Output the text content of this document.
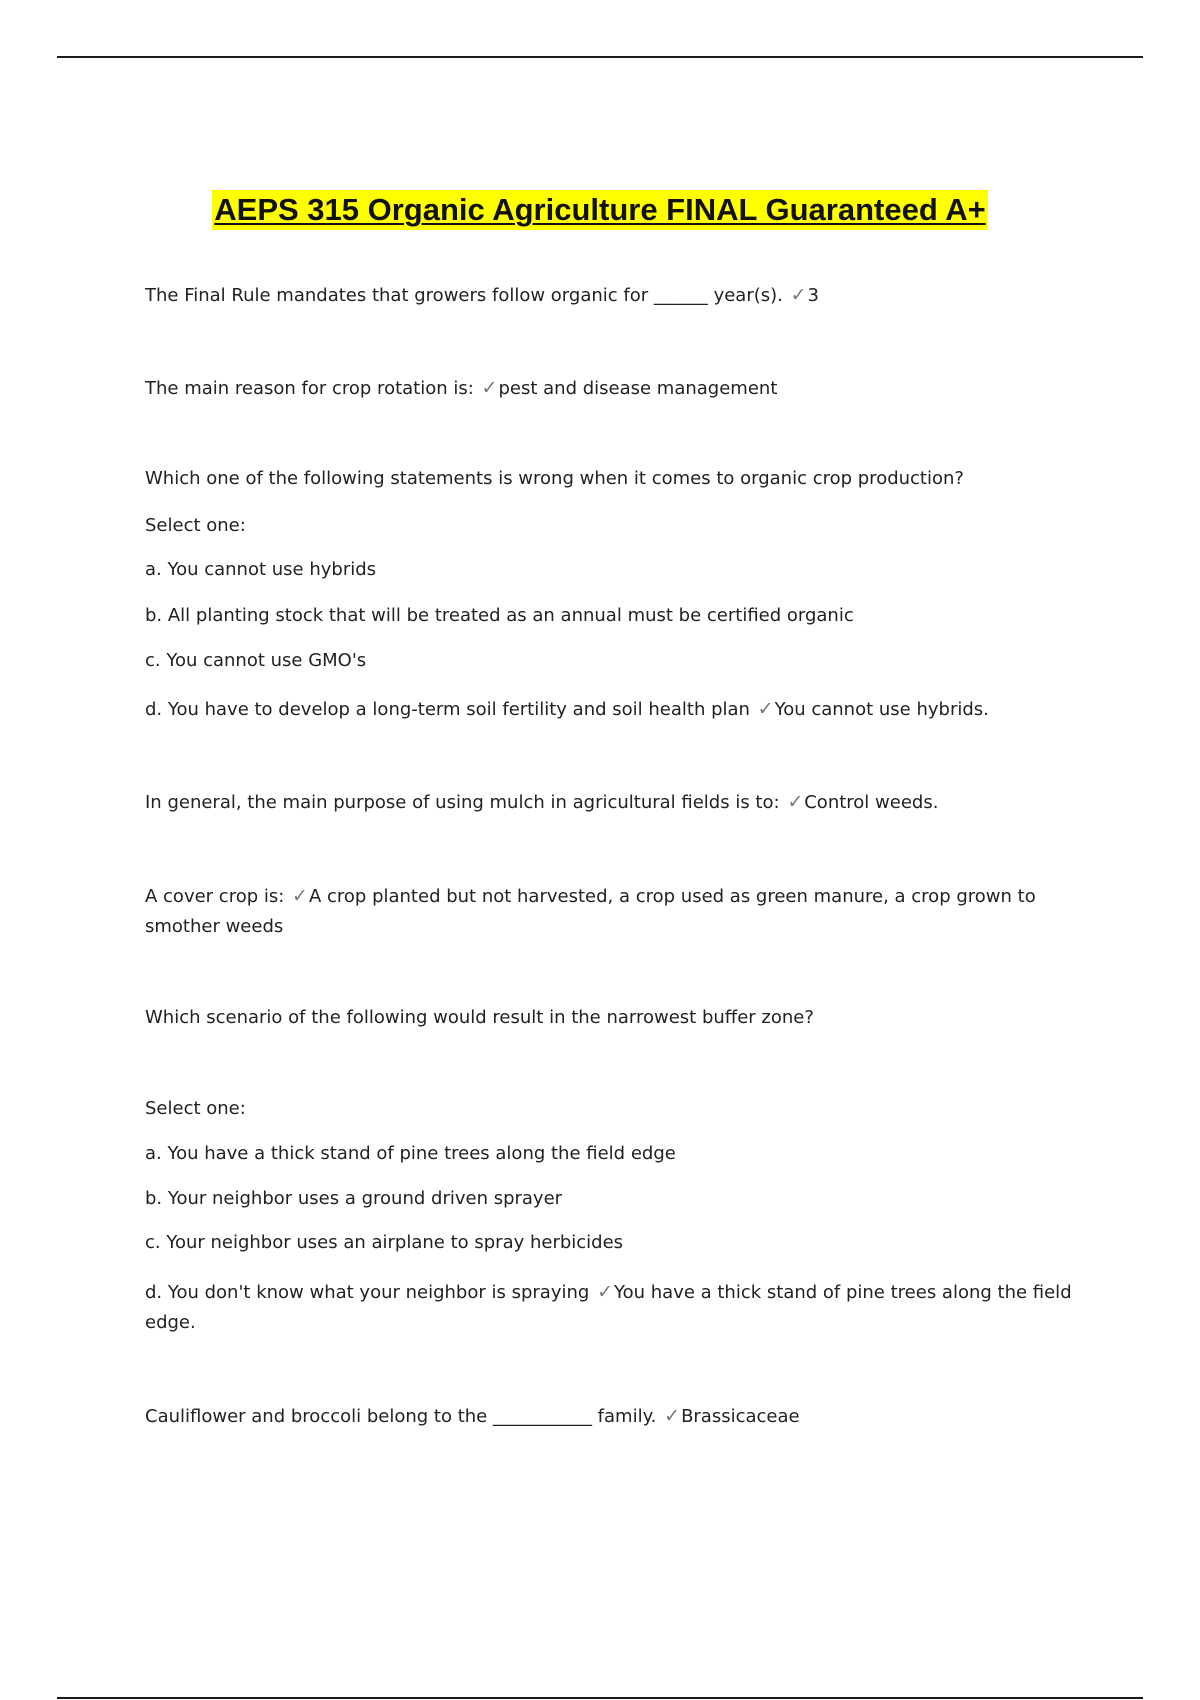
AEPS 315 Organic Agriculture FINAL Guaranteed A+
The Final Rule mandates that growers follow organic for ______ year(s). ✓3
The main reason for crop rotation is: ✓pest and disease management
Which one of the following statements is wrong when it comes to organic crop production?
Select one:
a. You cannot use hybrids
b. All planting stock that will be treated as an annual must be certified organic
c. You cannot use GMO's
d. You have to develop a long-term soil fertility and soil health plan ✓You cannot use hybrids.
In general, the main purpose of using mulch in agricultural fields is to: ✓Control weeds.
A cover crop is: ✓A crop planted but not harvested, a crop used as green manure, a crop grown to smother weeds
Which scenario of the following would result in the narrowest buffer zone?
Select one:
a. You have a thick stand of pine trees along the field edge
b. Your neighbor uses a ground driven sprayer
c. Your neighbor uses an airplane to spray herbicides
d. You don't know what your neighbor is spraying ✓You have a thick stand of pine trees along the field edge.
Cauliflower and broccoli belong to the ___________ family. ✓Brassicaceae
